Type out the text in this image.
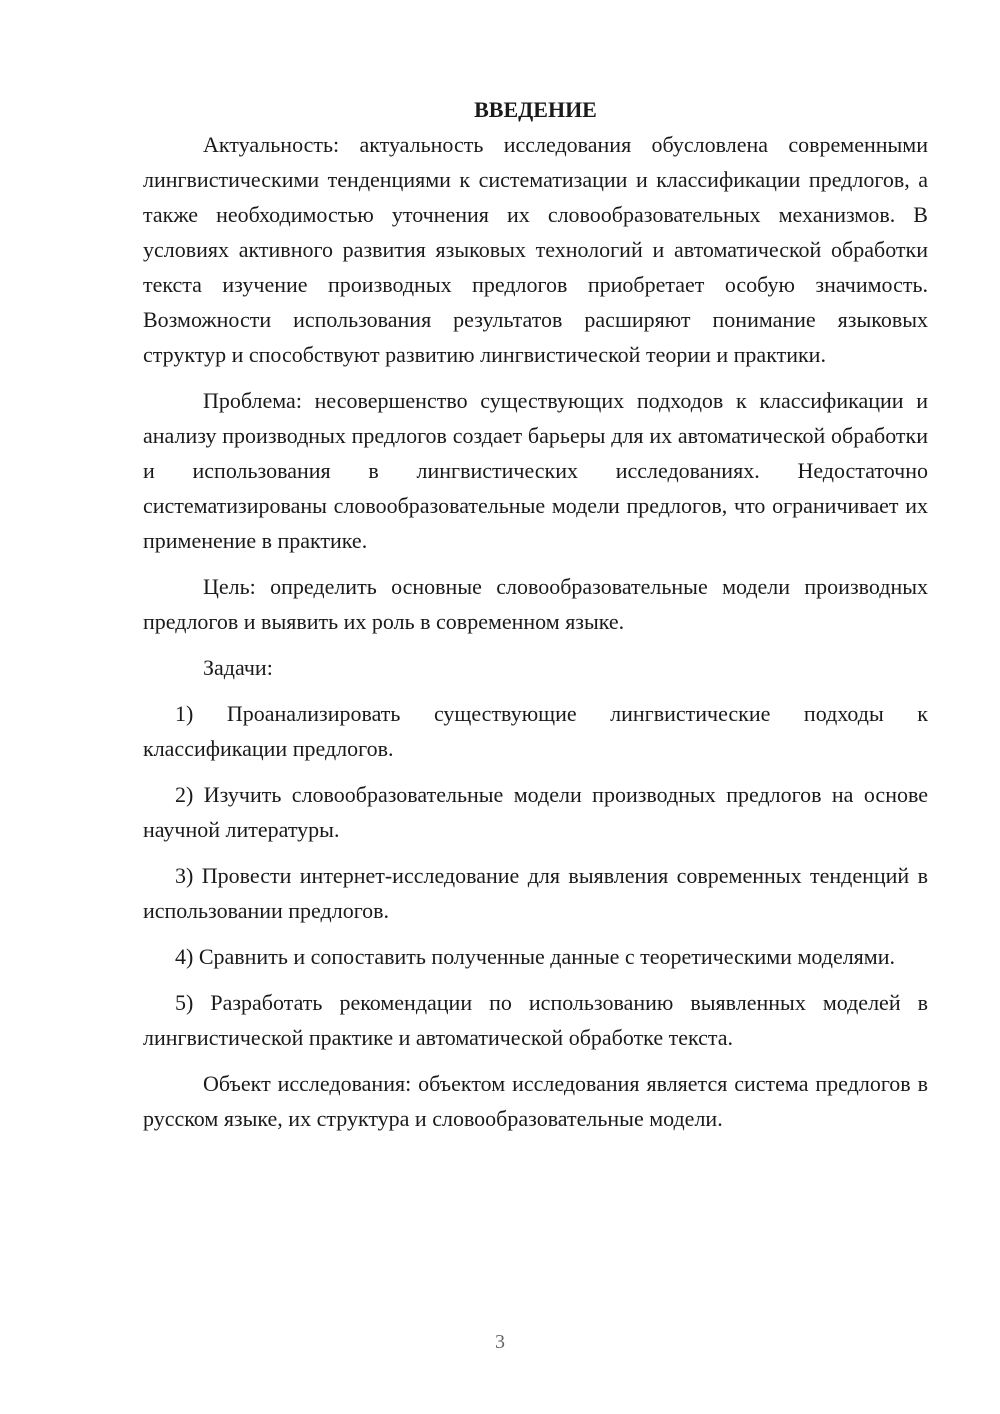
ВВЕДЕНИЕ

Актуальность: актуальность исследования обусловлена современными лингвистическими тенденциями к систематизации и классификации предлогов, а также необходимостью уточнения их словообразовательных механизмов. В условиях активного развития языковых технологий и автоматической обработки текста изучение производных предлогов приобретает особую значимость. Возможности использования результатов расширяют понимание языковых структур и способствуют развитию лингвистической теории и практики.

Проблема: несовершенство существующих подходов к классификации и анализу производных предлогов создает барьеры для их автоматической обработки и использования в лингвистических исследованиях. Недостаточно систематизированы словообразовательные модели предлогов, что ограничивает их применение в практике.

Цель: определить основные словообразовательные модели производных предлогов и выявить их роль в современном языке.

Задачи:

1) Проанализировать существующие лингвистические подходы к классификации предлогов.

2) Изучить словообразовательные модели производных предлогов на основе научной литературы.

3) Провести интернет-исследование для выявления современных тенденций в использовании предлогов.

4) Сравнить и сопоставить полученные данные с теоретическими моделями.

5) Разработать рекомендации по использованию выявленных моделей в лингвистической практике и автоматической обработке текста.

Объект исследования: объектом исследования является система предлогов в русском языке, их структура и словообразовательные модели.

3
